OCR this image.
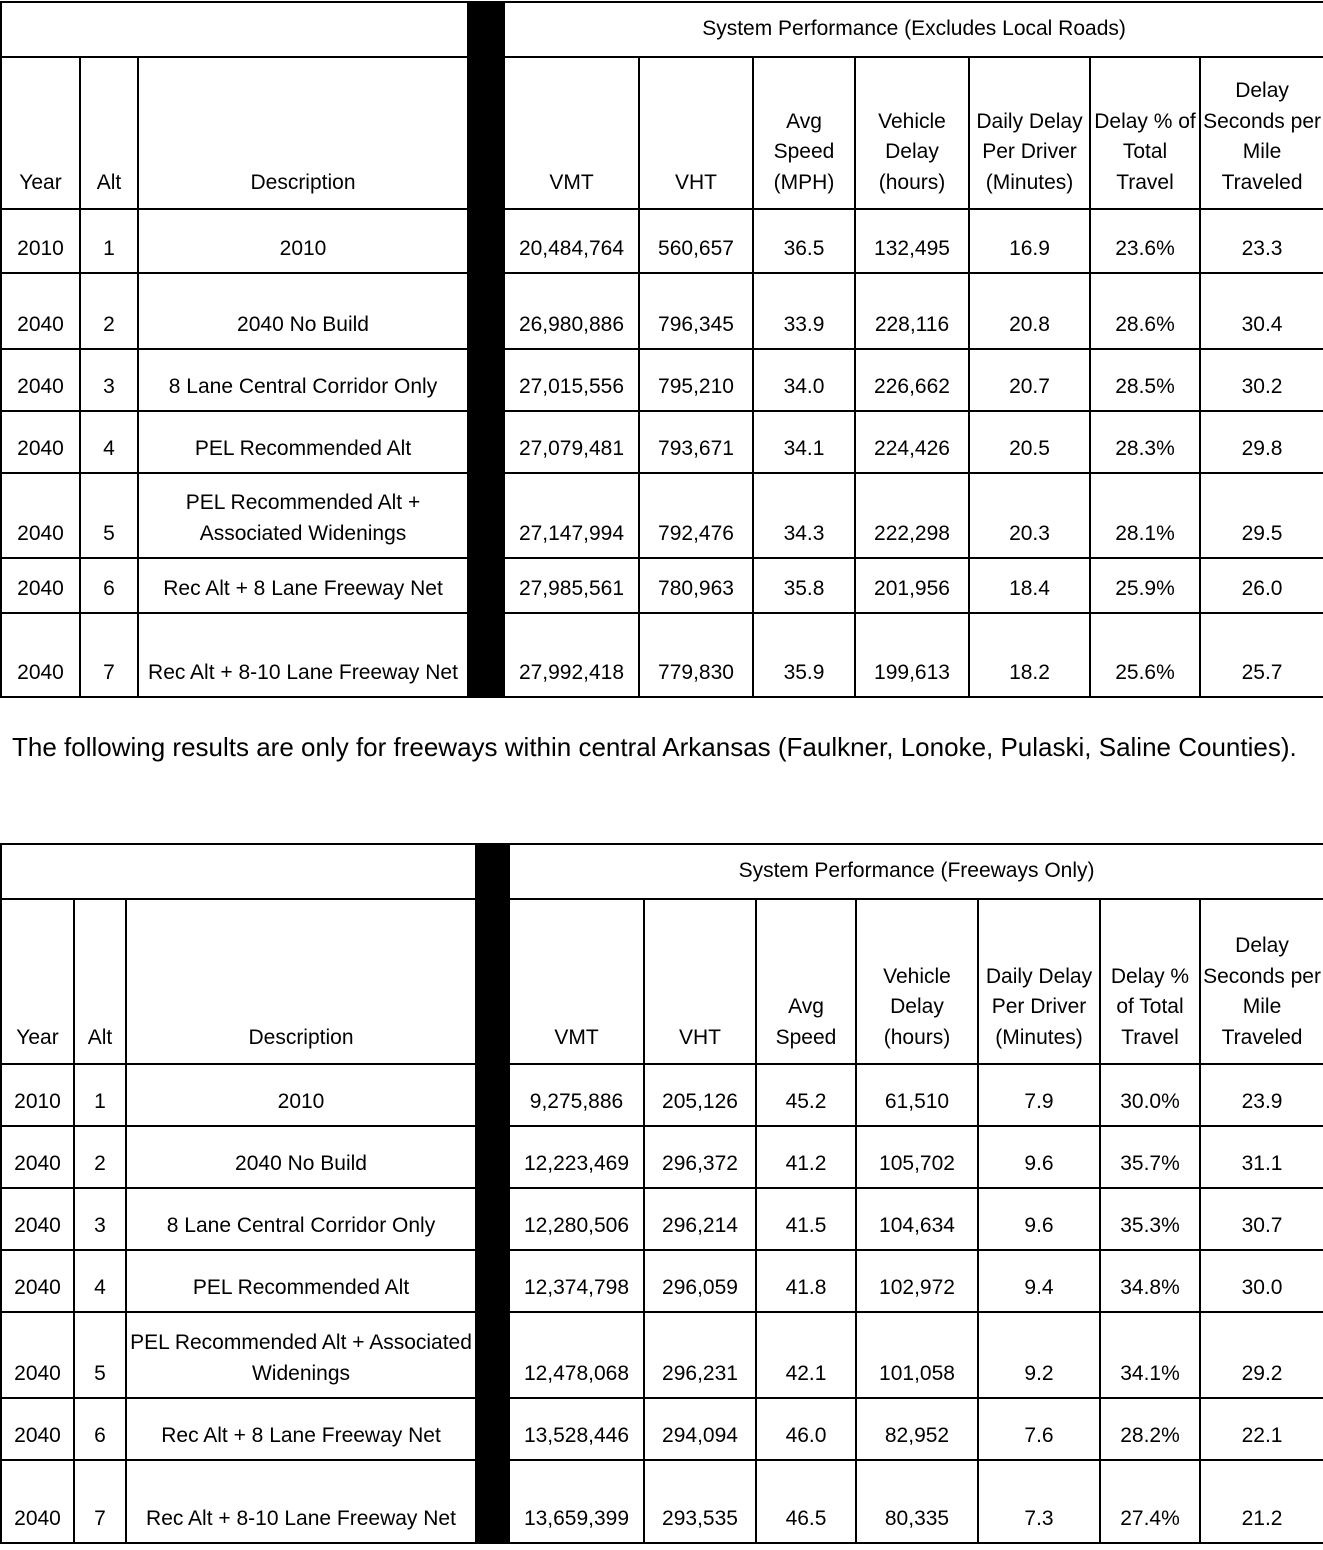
				System Performance (Excludes Local Roads)						
Year	Alt	Description		VMT	VHT	Avg Speed (MPH)	Vehicle Delay (hours)	Daily Delay Per Driver (Minutes)	Delay % of Total Travel	Delay Seconds per Mile Traveled
2010	1	2010		20,484,764	560,657	36.5	132,495	16.9	23.6%	23.3
2040	2	2040 No Build		26,980,886	796,345	33.9	228,116	20.8	28.6%	30.4
2040	3	8 Lane Central Corridor Only		27,015,556	795,210	34.0	226,662	20.7	28.5%	30.2
2040	4	PEL Recommended Alt		27,079,481	793,671	34.1	224,426	20.5	28.3%	29.8
2040	5	PEL Recommended Alt + Associated Widenings		27,147,994	792,476	34.3	222,298	20.3	28.1%	29.5
2040	6	Rec Alt + 8 Lane Freeway Net		27,985,561	780,963	35.8	201,956	18.4	25.9%	26.0
2040	7	Rec Alt + 8-10 Lane Freeway Net		27,992,418	779,830	35.9	199,613	18.2	25.6%	25.7
The following results are only for freeways within central Arkansas (Faulkner, Lonoke, Pulaski, Saline Counties).
				System Performance (Freeways Only)						
Year	Alt	Description		VMT	VHT	Avg Speed	Vehicle Delay (hours)	Daily Delay Per Driver (Minutes)	Delay % of Total Travel	Delay Seconds per Mile Traveled
2010	1	2010		9,275,886	205,126	45.2	61,510	7.9	30.0%	23.9
2040	2	2040 No Build		12,223,469	296,372	41.2	105,702	9.6	35.7%	31.1
2040	3	8 Lane Central Corridor Only		12,280,506	296,214	41.5	104,634	9.6	35.3%	30.7
2040	4	PEL Recommended Alt		12,374,798	296,059	41.8	102,972	9.4	34.8%	30.0
2040	5	PEL Recommended Alt + Associated Widenings		12,478,068	296,231	42.1	101,058	9.2	34.1%	29.2
2040	6	Rec Alt + 8 Lane Freeway Net		13,528,446	294,094	46.0	82,952	7.6	28.2%	22.1
2040	7	Rec Alt + 8-10 Lane Freeway Net		13,659,399	293,535	46.5	80,335	7.3	27.4%	21.2
